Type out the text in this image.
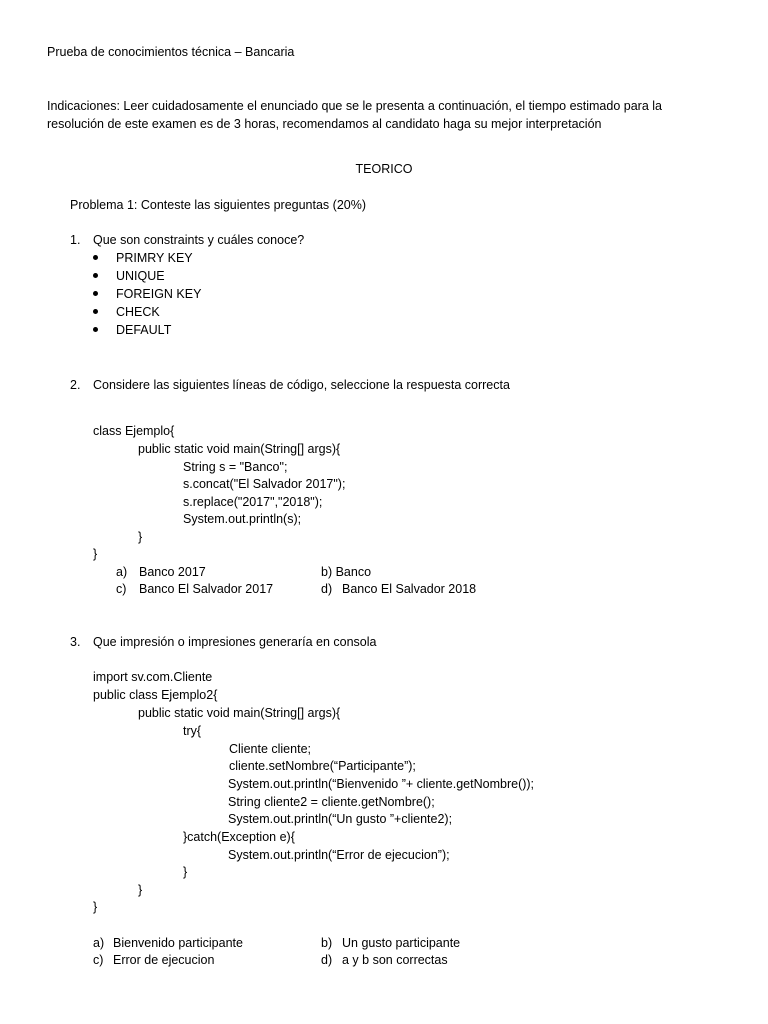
Prueba de conocimientos técnica – Bancaria
Indicaciones: Leer cuidadosamente el enunciado que se le presenta a continuación, el tiempo estimado para la
resolución de este examen es de 3 horas, recomendamos al candidato haga su mejor interpretación
TEORICO
Problema 1: Conteste las siguientes preguntas (20%)
1. Que son constraints y cuáles conoce?
PRIMRY KEY
UNIQUE
FOREIGN KEY
CHECK
DEFAULT
2. Considere las siguientes líneas de código, seleccione la respuesta correcta
class Ejemplo{
public static void main(String[] args){
String s = "Banco";
s.concat("El Salvador 2017");
s.replace("2017","2018");
System.out.println(s);
}
}
a) Banco 2017	b) Banco
c) Banco El Salvador 2017	d) Banco El Salvador 2018
3. Que impresión o impresiones generaría en consola
import sv.com.Cliente
public class Ejemplo2{
public static void main(String[] args){
try{
Cliente cliente;
cliente.setNombre(“Participante”);
System.out.println(“Bienvenido ”+ cliente.getNombre());
String cliente2 = cliente.getNombre();
System.out.println(“Un gusto ”+cliente2);
}catch(Exception e){
System.out.println(“Error de ejecucion”);
}
}
}
a) Bienvenido participante	b) Un gusto participante
c) Error de ejecucion	d) a y b son correctas
